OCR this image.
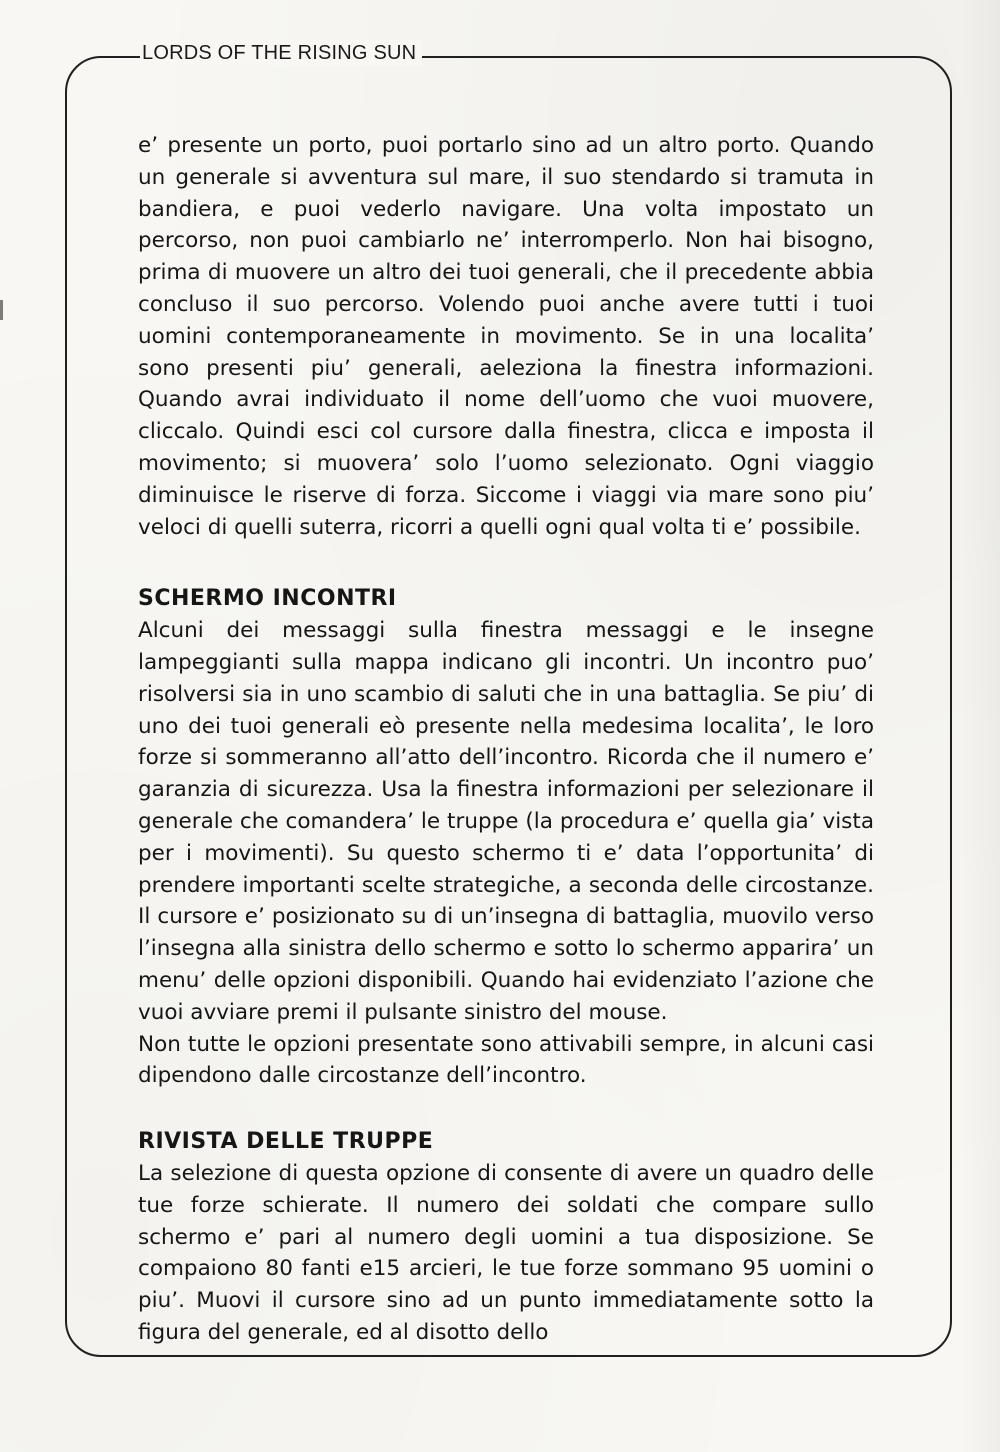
LORDS OF THE RISING SUN

e’ presente un porto, puoi portarlo sino ad un altro porto. Quando un generale si avventura sul mare, il suo stendardo si tramuta in bandiera, e puoi vederlo navigare. Una volta impostato un percorso, non puoi cambiarlo ne’ interromperlo. Non hai bisogno, prima di muovere un altro dei tuoi generali, che il precedente abbia concluso il suo percorso. Volendo puoi anche avere tutti i tuoi uomini contemporaneamente in movimento. Se in una localita’ sono presenti piu’ generali, aeleziona la finestra informazioni. Quando avrai individuato il nome dell’uomo che vuoi muovere, cliccalo. Quindi esci col cursore dalla finestra, clicca e imposta il movimento; si muovera’ solo l’uomo selezionato. Ogni viaggio diminuisce le riserve di forza. Siccome i viaggi via mare sono piu’ veloci di quelli suterra, ricorri a quelli ogni qual volta ti e’ possibile.

SCHERMO INCONTRI

Alcuni dei messaggi sulla finestra messaggi e le insegne lampeggianti sulla mappa indicano gli incontri. Un incontro puo’ risolversi sia in uno scambio di saluti che in una battaglia. Se piu’ di uno dei tuoi generali eò presente nella medesima localita’, le loro forze si sommeranno all’atto dell’incontro. Ricorda che il numero e’ garanzia di sicurezza. Usa la finestra informazioni per selezionare il generale che comandera’ le truppe (la procedura e’ quella gia’ vista per i movimenti). Su questo schermo ti e’ data l’opportunita’ di prendere importanti scelte strategiche, a seconda delle circostanze. Il cursore e’ posizionato su di un’insegna di battaglia, muovilo verso l’insegna alla sinistra dello schermo e sotto lo schermo apparira’ un menu’ delle opzioni disponibili. Quando hai evidenziato l’azione che vuoi avviare premi il pulsante sinistro del mouse.

Non tutte le opzioni presentate sono attivabili sempre, in alcuni casi dipendono dalle circostanze dell’incontro.

RIVISTA DELLE TRUPPE

La selezione di questa opzione di consente di avere un quadro delle tue forze schierate. Il numero dei soldati che compare sullo schermo e’ pari al numero degli uomini a tua disposizione. Se compaiono 80 fanti e15 arcieri, le tue forze sommano 95 uomini o piu’. Muovi il cursore sino ad un punto immediatamente sotto la figura del generale, ed al disotto dello
